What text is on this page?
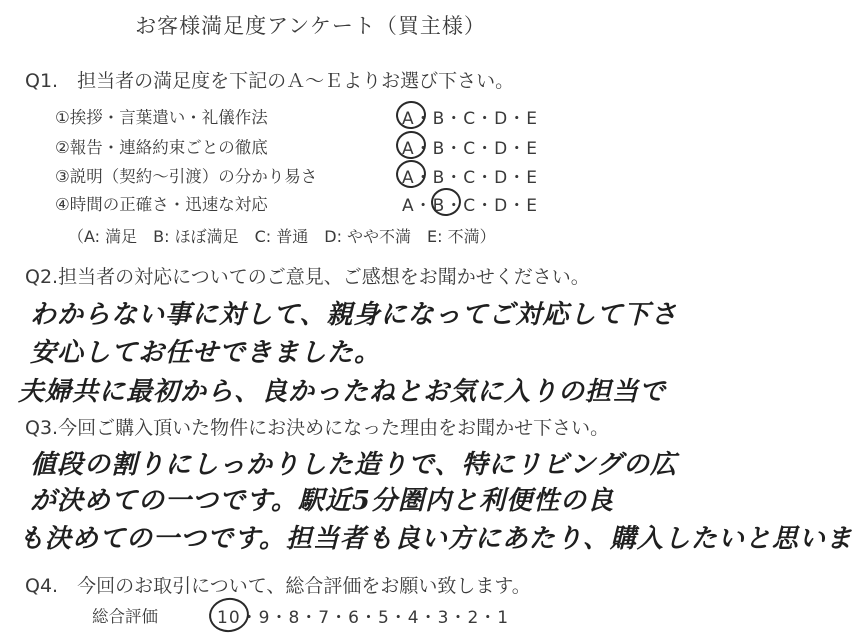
お客様満足度アンケート（買主様）
Q1.　担当者の満足度を下記のＡ～Ｅよりお選び下さい。
①挨拶・言葉遣い・礼儀作法	A・B・C・D・E
②報告・連絡約束ごとの徹底	A・B・C・D・E
③説明（契約～引渡）の分かり易さ	A・B・C・D・E
④時間の正確さ・迅速な対応	A・B・C・D・E
（A: 満足　B: ほぼ満足　C: 普通　D: やや不満　E: 不満）
Q2.担当者の対応についてのご意見、ご感想をお聞かせください。
わからない事に対して、親身になってご対応して下さ
安心してお任せできました。
夫婦共に最初から、良かったねとお気に入りの担当で
Q3.今回ご購入頂いた物件にお決めになった理由をお聞かせ下さい。
値段の割りにしっかりした造りで、特にリビングの広
が決めての一つです。駅近5分圏内と利便性の良
も決めての一つです。担当者も良い方にあたり、購入したいと思いま
Q4.　今回のお取引について、総合評価をお願い致します。
総合評価	10・9・8・7・6・5・4・3・2・1
